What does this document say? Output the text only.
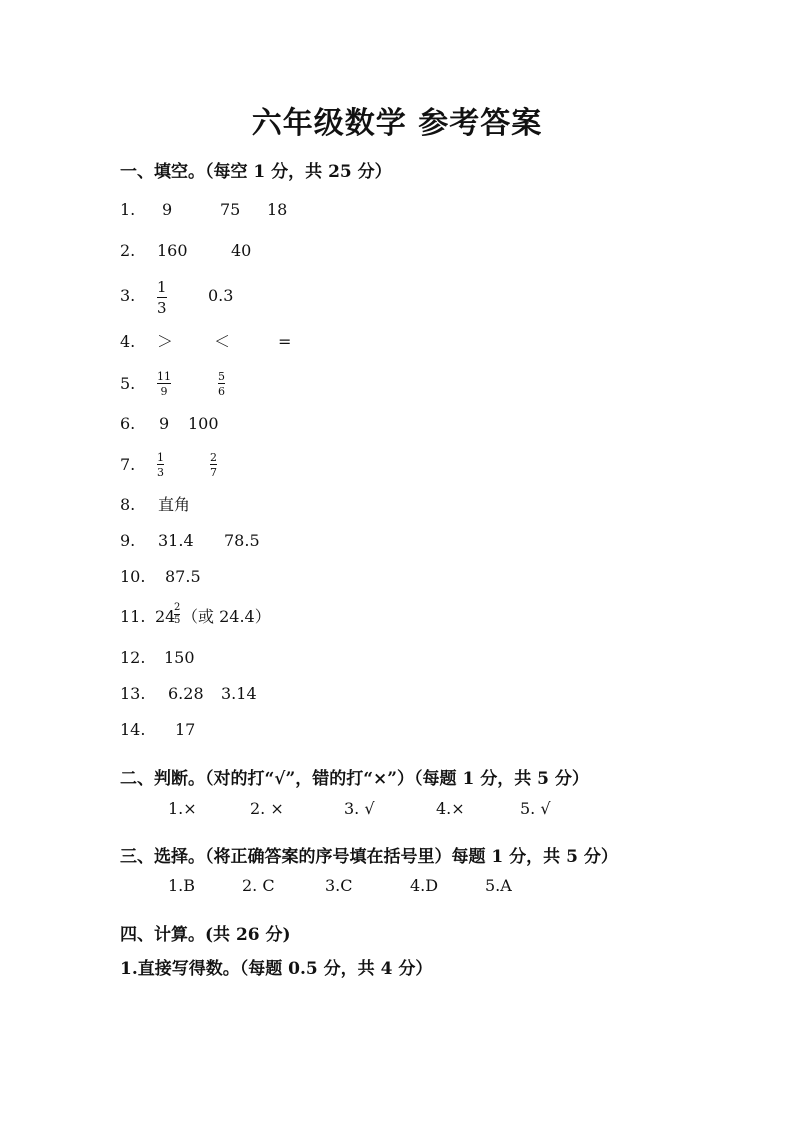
六年级数学 参考答案
一、填空。（每空 1 分，共 25 分）
1. 9	75 18
2. 160	40
3. 1
3
0.3
4. ＞	＜	=
5. 11
9
5
6
6. 9 100
7. 1
3
2
7
8. 直角
9. 31.4 78.5
10. 87.5
11. 24
2
5 （或 24.4）
12. 150
13. 6.28 3.14
14. 17
二、判断。（对的打“√”，错的打“×”）（每题 1 分，共 5 分）
1.×	2. ×	3. √	4.×	5. √
三、选择。（将正确答案的序号填在括号里）每题 1 分，共 5 分）
1.B	2. C	3.C	4.D	5.A
四、计算。(共 26 分)
1.直接写得数。（每题 0.5 分，共 4 分）
